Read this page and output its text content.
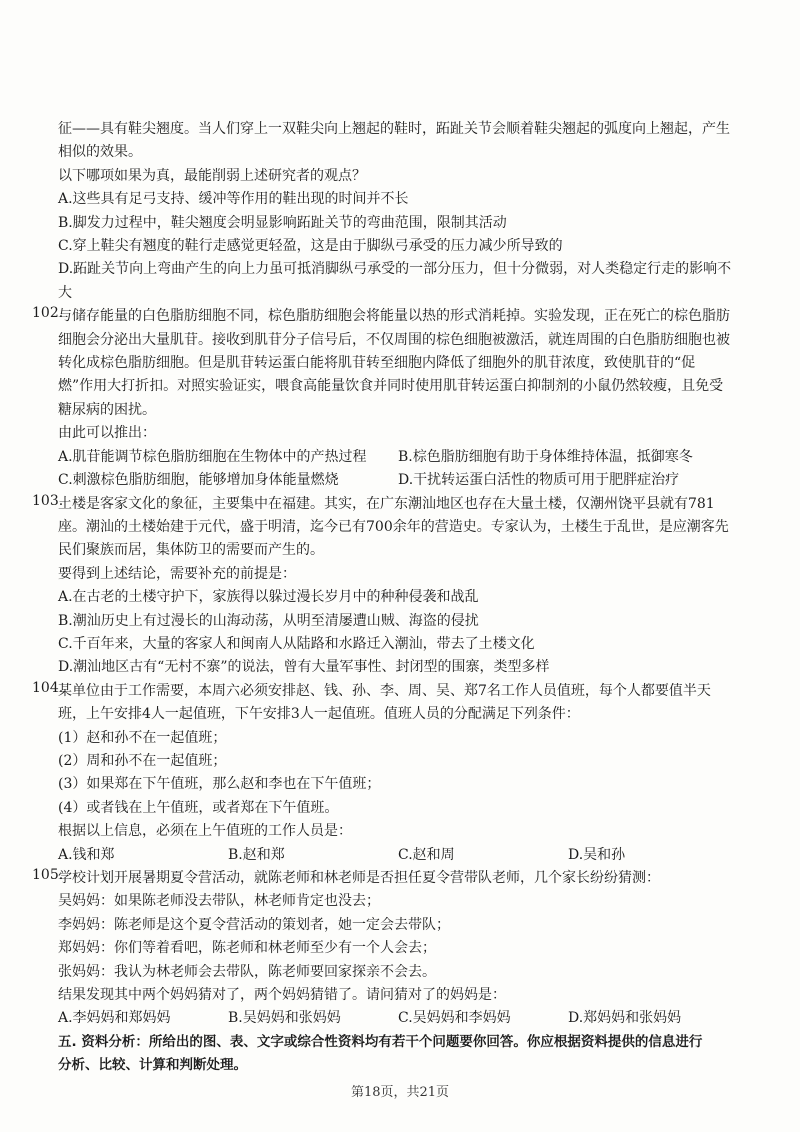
征——具有鞋尖翘度。当人们穿上一双鞋尖向上翘起的鞋时，跖趾关节会顺着鞋尖翘起的弧度向上翘起，产生

相似的效果。

以下哪项如果为真，最能削弱上述研究者的观点？

A.这些具有足弓支持、缓冲等作用的鞋出现的时间并不长

B.脚发力过程中，鞋尖翘度会明显影响跖趾关节的弯曲范围，限制其活动

C.穿上鞋尖有翘度的鞋行走感觉更轻盈，这是由于脚纵弓承受的压力减少所导致的

D.跖趾关节向上弯曲产生的向上力虽可抵消脚纵弓承受的一部分压力，但十分微弱，对人类稳定行走的影响不

大

102.

与储存能量的白色脂肪细胞不同，棕色脂肪细胞会将能量以热的形式消耗掉。实验发现，正在死亡的棕色脂肪

细胞会分泌出大量肌苷。接收到肌苷分子信号后，不仅周围的棕色细胞被激活，就连周围的白色脂肪细胞也被

转化成棕色脂肪细胞。但是肌苷转运蛋白能将肌苷转至细胞内降低了细胞外的肌苷浓度，致使肌苷的“促

燃”作用大打折扣。对照实验证实，喂食高能量饮食并同时使用肌苷转运蛋白抑制剂的小鼠仍然较瘦，且免受

糖尿病的困扰。

由此可以推出：

A.肌苷能调节棕色脂肪细胞在生物体中的产热过程	B.棕色脂肪细胞有助于身体维持体温，抵御寒冬

C.刺激棕色脂肪细胞，能够增加身体能量燃烧	D.干扰转运蛋白活性的物质可用于肥胖症治疗

103.

土楼是客家文化的象征，主要集中在福建。其实，在广东潮汕地区也存在大量土楼，仅潮州饶平县就有781

座。潮汕的土楼始建于元代，盛于明清，迄今已有700余年的营造史。专家认为，土楼生于乱世，是应潮客先

民们聚族而居，集体防卫的需要而产生的。

要得到上述结论，需要补充的前提是：

A.在古老的土楼守护下，家族得以躲过漫长岁月中的种种侵袭和战乱

B.潮汕历史上有过漫长的山海动荡，从明至清屡遭山贼、海盗的侵扰

C.千百年来，大量的客家人和闽南人从陆路和水路迁入潮汕，带去了土楼文化

D.潮汕地区古有“无村不寨”的说法，曾有大量军事性、封闭型的围寨，类型多样

104.

某单位由于工作需要，本周六必须安排赵、钱、孙、李、周、吴、郑7名工作人员值班，每个人都要值半天

班，上午安排4人一起值班，下午安排3人一起值班。值班人员的分配满足下列条件：

(1）赵和孙不在一起值班；

(2）周和孙不在一起值班；

(3）如果郑在下午值班，那么赵和李也在下午值班；

(4）或者钱在上午值班，或者郑在下午值班。

根据以上信息，必须在上午值班的工作人员是：

A.钱和郑	B.赵和郑	C.赵和周	D.吴和孙

105.

学校计划开展暑期夏令营活动，就陈老师和林老师是否担任夏令营带队老师，几个家长纷纷猜测：

吴妈妈：如果陈老师没去带队，林老师肯定也没去；

李妈妈：陈老师是这个夏令营活动的策划者，她一定会去带队；

郑妈妈：你们等着看吧，陈老师和林老师至少有一个人会去；

张妈妈：我认为林老师会去带队，陈老师要回家探亲不会去。

结果发现其中两个妈妈猜对了，两个妈妈猜错了。请问猜对了的妈妈是：

A.李妈妈和郑妈妈	B.吴妈妈和张妈妈	C.吴妈妈和李妈妈	D.郑妈妈和张妈妈

五. 资料分析：所给出的图、表、文字或综合性资料均有若干个问题要你回答。你应根据资料提供的信息进行

分析、比较、计算和判断处理。

第18页，共21页
